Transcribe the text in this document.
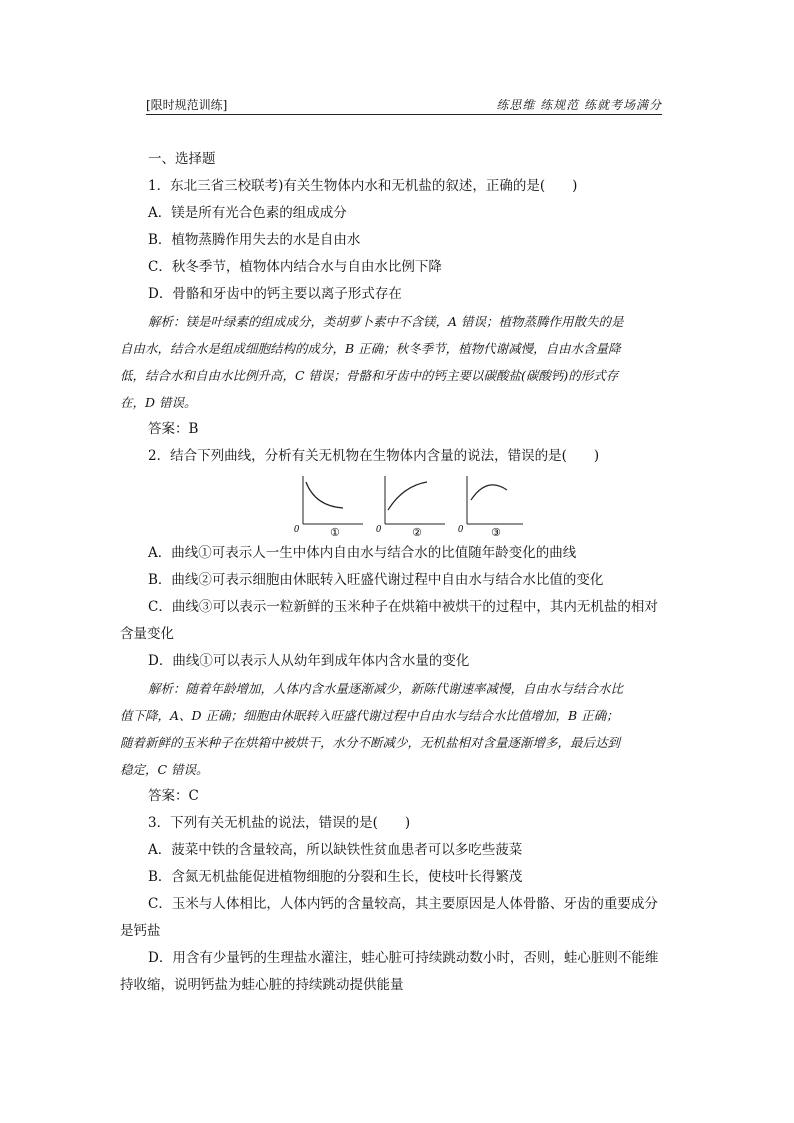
[限时规范训练]	练思维 练规范 练就考场满分
一、选择题
1．东北三省三校联考)有关生物体内水和无机盐的叙述，正确的是(　　)
A．镁是所有光合色素的组成成分
B．植物蒸腾作用失去的水是自由水
C．秋冬季节，植物体内结合水与自由水比例下降
D．骨骼和牙齿中的钙主要以离子形式存在
解析：镁是叶绿素的组成成分，类胡萝卜素中不含镁，A 错误；植物蒸腾作用散失的是
自由水，结合水是组成细胞结构的成分，B 正确；秋冬季节，植物代谢减慢，自由水含量降
低，结合水和自由水比例升高，C 错误；骨骼和牙齿中的钙主要以碳酸盐(碳酸钙)的形式存
在，D 错误。
答案：B
2．结合下列曲线，分析有关无机物在生物体内含量的说法，错误的是(　　)
0	①	0	②	0	③
A．曲线①可表示人一生中体内自由水与结合水的比值随年龄变化的曲线
B．曲线②可表示细胞由休眠转入旺盛代谢过程中自由水与结合水比值的变化
C．曲线③可以表示一粒新鲜的玉米种子在烘箱中被烘干的过程中，其内无机盐的相对
含量变化
D．曲线①可以表示人从幼年到成年体内含水量的变化
解析：随着年龄增加，人体内含水量逐渐减少，新陈代谢速率减慢，自由水与结合水比
值下降，A、D 正确；细胞由休眠转入旺盛代谢过程中自由水与结合水比值增加，B 正确；
随着新鲜的玉米种子在烘箱中被烘干，水分不断减少，无机盐相对含量逐渐增多，最后达到
稳定，C 错误。
答案：C
3．下列有关无机盐的说法，错误的是(　　)
A．菠菜中铁的含量较高，所以缺铁性贫血患者可以多吃些菠菜
B．含氮无机盐能促进植物细胞的分裂和生长，使枝叶长得繁茂
C．玉米与人体相比，人体内钙的含量较高，其主要原因是人体骨骼、牙齿的重要成分
是钙盐
D．用含有少量钙的生理盐水灌注，蛙心脏可持续跳动数小时，否则，蛙心脏则不能维
持收缩，说明钙盐为蛙心脏的持续跳动提供能量
